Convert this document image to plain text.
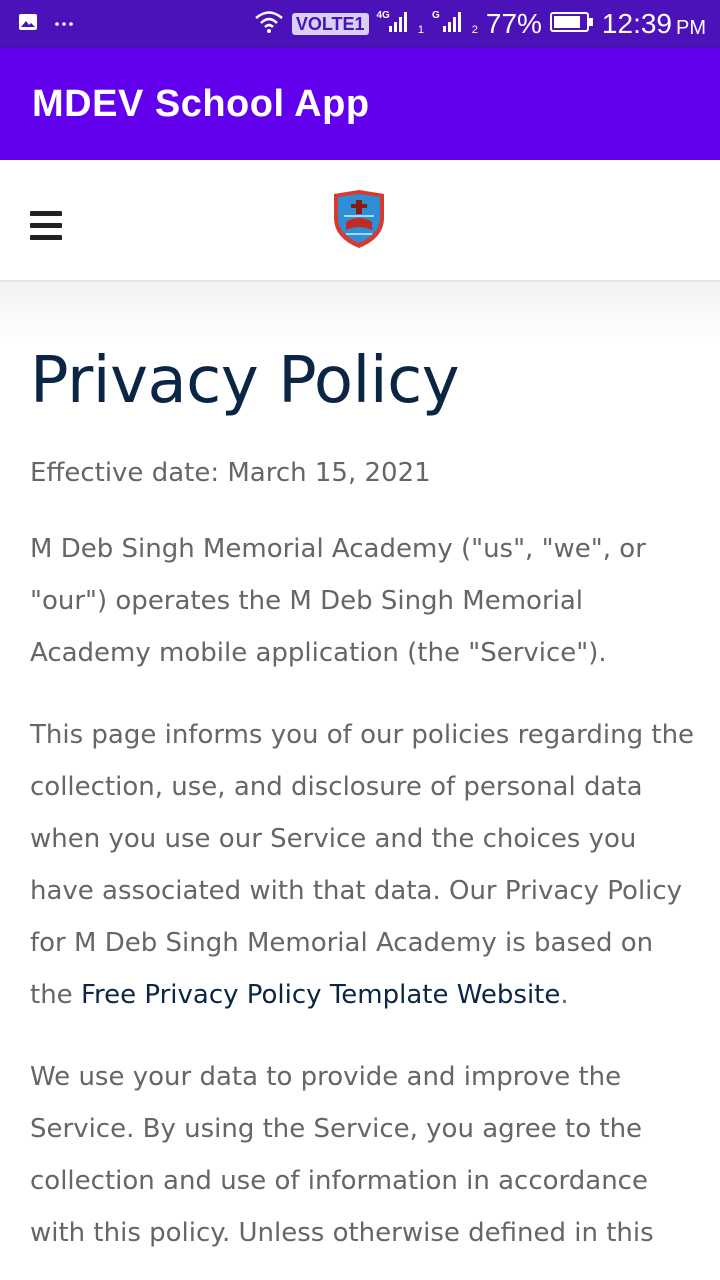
VOLTE1	4G
1
G
2 77% 12:39 PM
MDEV School App
Privacy Policy

Effective date: March 15, 2021

M Deb Singh Memorial Academy ("us", "we", or "our") operates the M Deb Singh Memorial Academy mobile application (the "Service").

This page informs you of our policies regarding the collection, use, and disclosure of personal data when you use our Service and the choices you have associated with that data. Our Privacy Policy for M Deb Singh Memorial Academy is based on the Free Privacy Policy Template Website.

We use your data to provide and improve the Service. By using the Service, you agree to the collection and use of information in accordance with this policy. Unless otherwise defined in this
